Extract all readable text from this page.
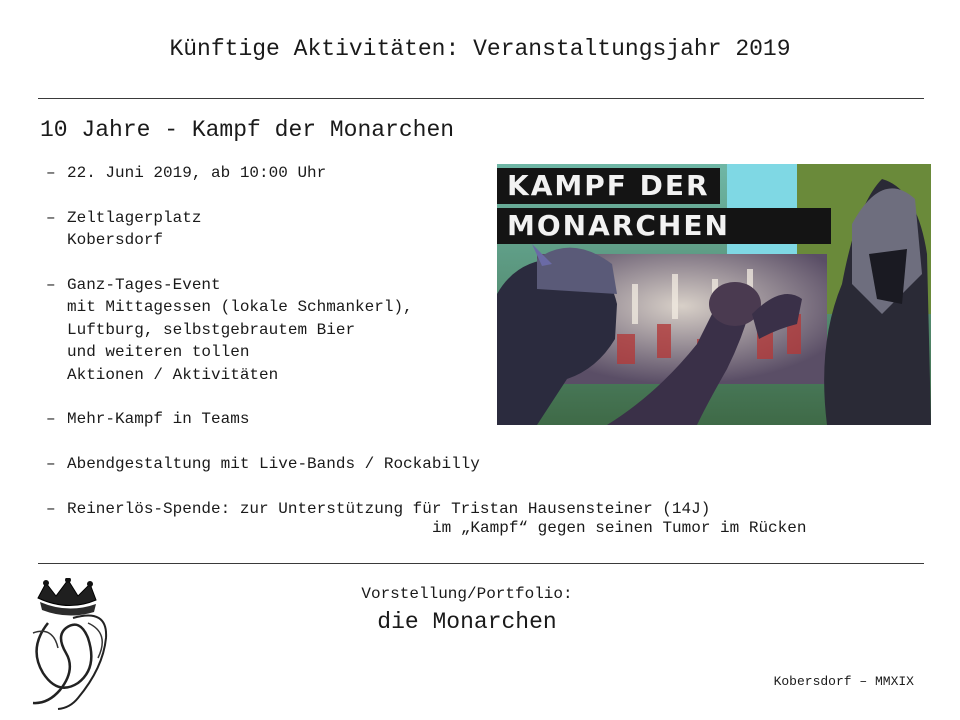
Künftige Aktivitäten: Veranstaltungsjahr 2019
10 Jahre - Kampf der Monarchen
– 22. Juni 2019, ab 10:00 Uhr
– Zeltlagerplatz
Kobersdorf
– Ganz-Tages-Event
mit Mittagessen (lokale Schmankerl),
Luftburg, selbstgebrautem Bier
und weiteren tollen
Aktionen / Aktivitäten
– Mehr-Kampf in Teams
– Abendgestaltung mit Live-Bands / Rockabilly
– Reinerlös-Spende: zur Unterstützung für Tristan Hausensteiner (14J)
im „Kampf“ gegen seinen Tumor im Rücken
KAMPF DER
MONARCHEN
Vorstellung/Portfolio:
die Monarchen
Kobersdorf – MMXIX
